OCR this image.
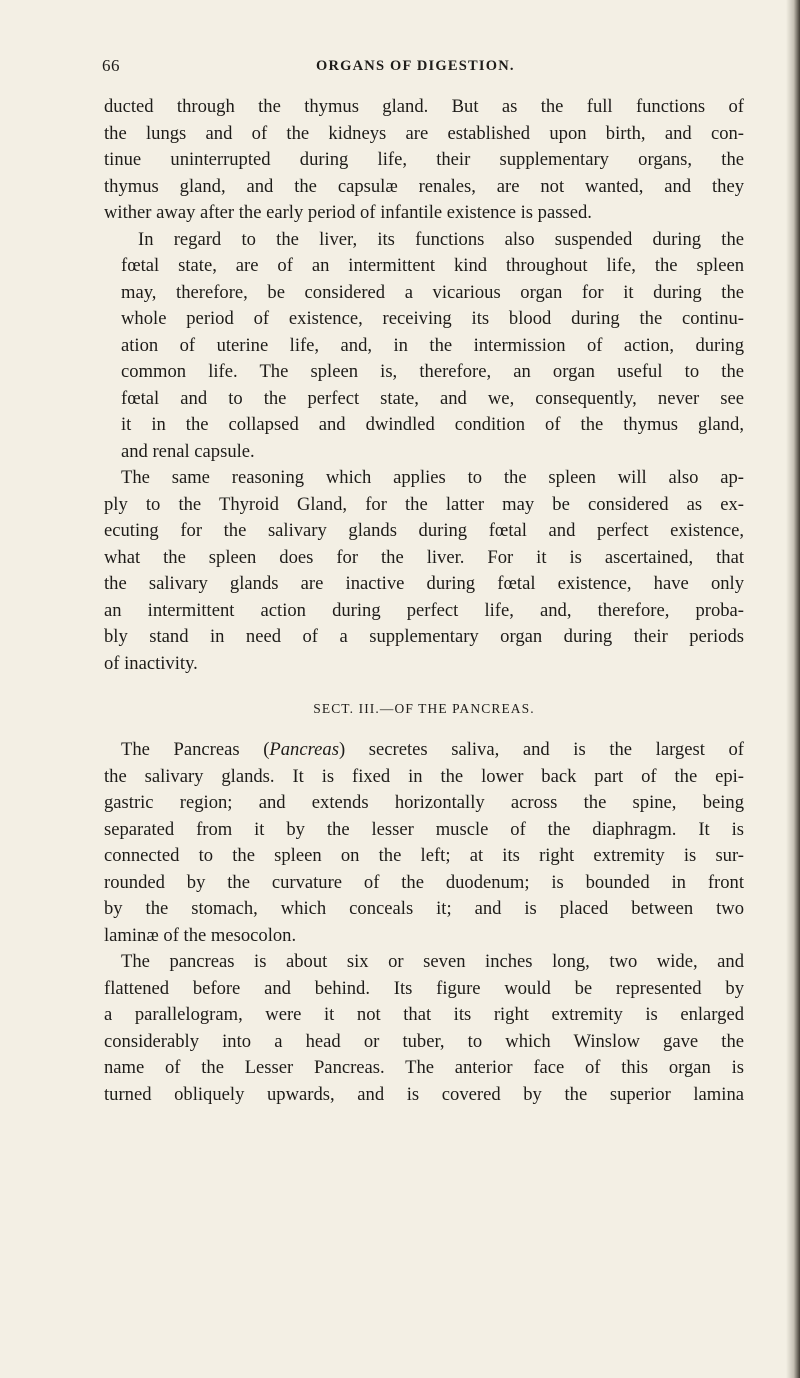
66	ORGANS OF DIGESTION.

ducted through the thymus gland. But as the full functions of
the lungs and of the kidneys are established upon birth, and con-
tinue uninterrupted during life, their supplementary organs, the
thymus gland, and the capsulæ renales, are not wanted, and they
wither away after the early period of infantile existence is passed.

In regard to the liver, its functions also suspended during the
fœtal state, are of an intermittent kind throughout life, the spleen
may, therefore, be considered a vicarious organ for it during the
whole period of existence, receiving its blood during the continu-
ation of uterine life, and, in the intermission of action, during
common life. The spleen is, therefore, an organ useful to the
fœtal and to the perfect state, and we, consequently, never see
it in the collapsed and dwindled condition of the thymus gland,
and renal capsule.

The same reasoning which applies to the spleen will also ap-
ply to the Thyroid Gland, for the latter may be considered as ex-
ecuting for the salivary glands during fœtal and perfect existence,
what the spleen does for the liver. For it is ascertained, that
the salivary glands are inactive during fœtal existence, have only
an intermittent action during perfect life, and, therefore, proba-
bly stand in need of a supplementary organ during their periods
of inactivity.

SECT. III.—OF THE PANCREAS.

The Pancreas (Pancreas) secretes saliva, and is the largest of
the salivary glands. It is fixed in the lower back part of the epi-
gastric region; and extends horizontally across the spine, being
separated from it by the lesser muscle of the diaphragm. It is
connected to the spleen on the left; at its right extremity is sur-
rounded by the curvature of the duodenum; is bounded in front
by the stomach, which conceals it; and is placed between two
laminæ of the mesocolon.

The pancreas is about six or seven inches long, two wide, and
flattened before and behind. Its figure would be represented by
a parallelogram, were it not that its right extremity is enlarged
considerably into a head or tuber, to which Winslow gave the
name of the Lesser Pancreas. The anterior face of this organ is
turned obliquely upwards, and is covered by the superior lamina
